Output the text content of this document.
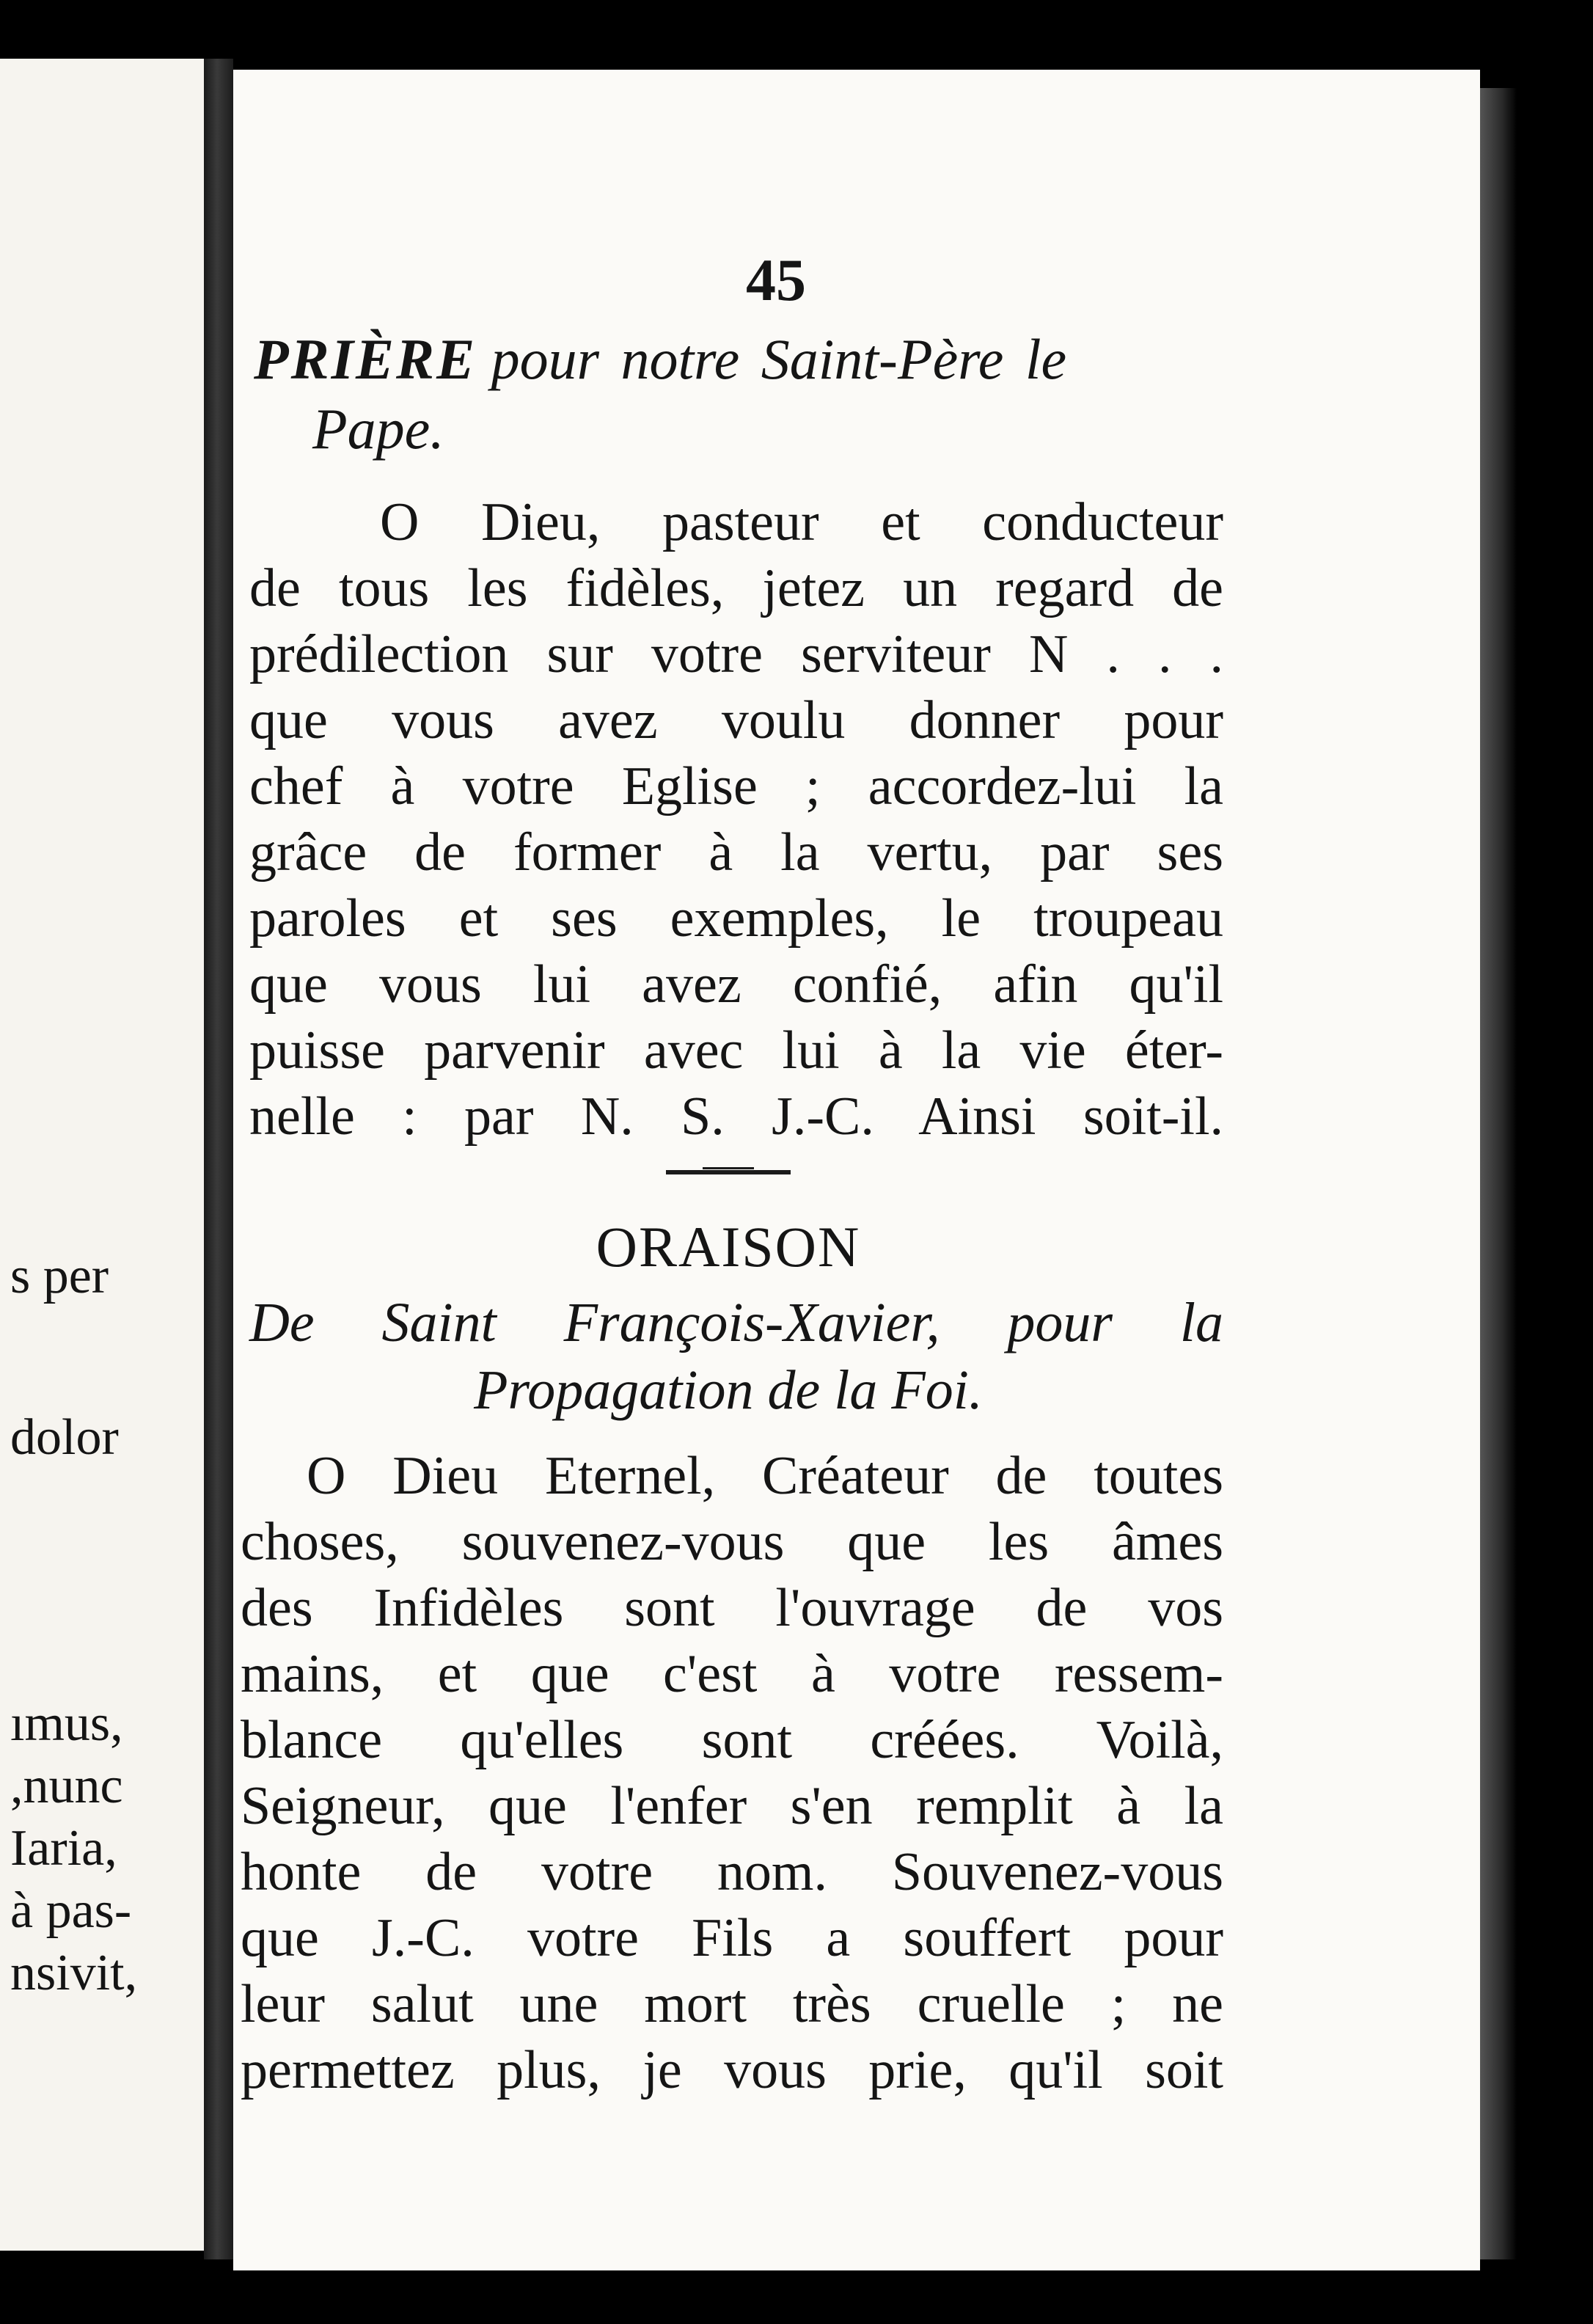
s per
dolor
ımus,
,nunc
Iaria,
à pas-
nsivit,
45
PRIÈRE pour notre Saint-Père le
Pape.
O Dieu, pasteur et conducteur
de tous les fidèles, jetez un regard de
prédilection sur votre serviteur N . . .
que vous avez voulu donner pour
chef à votre Eglise ; accordez-lui la
grâce de former à la vertu, par ses
paroles et ses exemples, le troupeau
que vous lui avez confié, afin qu'il
puisse parvenir avec lui à la vie éter-
nelle : par N. S. J.-C. Ainsi soit-il.
ORAISON
De Saint François-Xavier, pour la
Propagation de la Foi.
O Dieu Eternel, Créateur de toutes
choses, souvenez-vous que les âmes
des Infidèles sont l'ouvrage de vos
mains, et que c'est à votre ressem-
blance qu'elles sont créées. Voilà,
Seigneur, que l'enfer s'en remplit à la
honte de votre nom. Souvenez-vous
que J.-C. votre Fils a souffert pour
leur salut une mort très cruelle ; ne
permettez plus, je vous prie, qu'il soit
